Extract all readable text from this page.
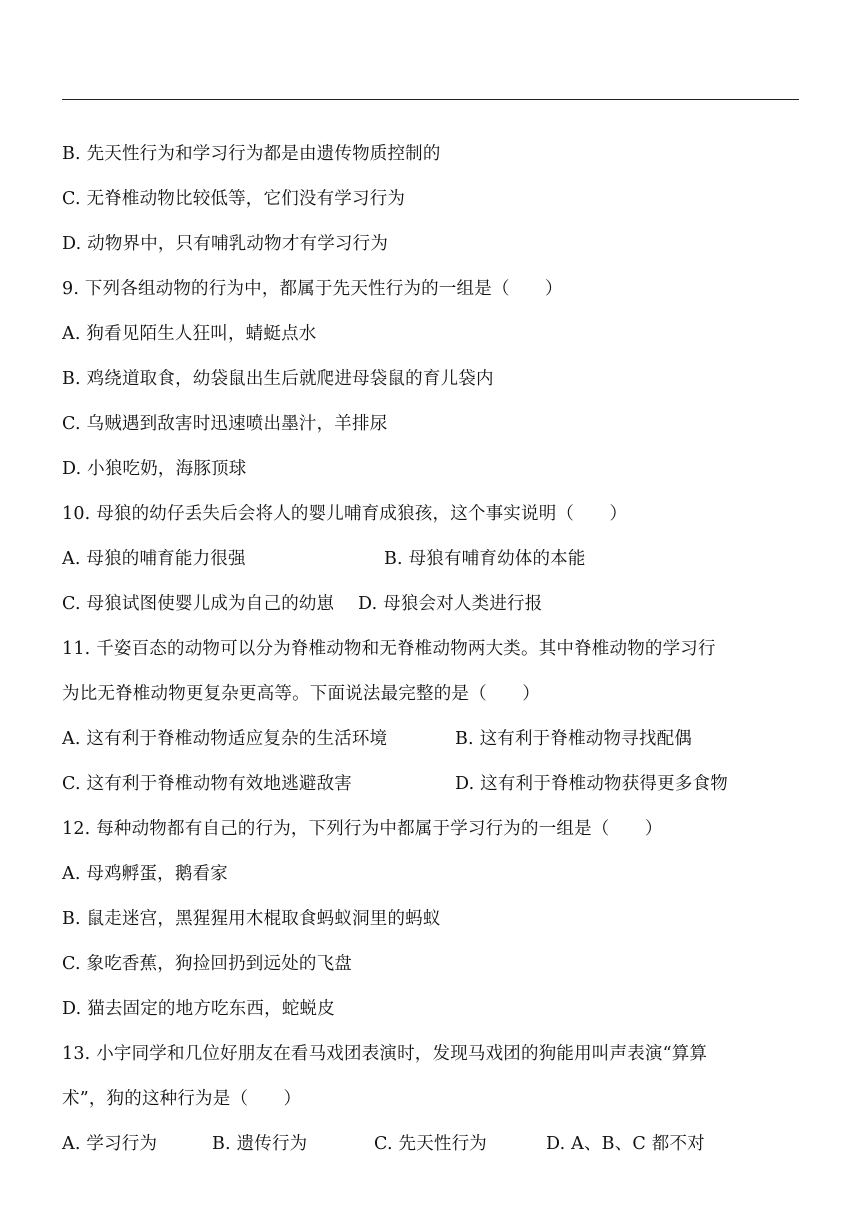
B. 先天性行为和学习行为都是由遗传物质控制的
C. 无脊椎动物比较低等，它们没有学习行为
D. 动物界中，只有哺乳动物才有学习行为
9. 下列各组动物的行为中，都属于先天性行为的一组是（　　）
A. 狗看见陌生人狂叫，蜻蜓点水
B. 鸡绕道取食，幼袋鼠出生后就爬进母袋鼠的育儿袋内
C. 乌贼遇到敌害时迅速喷出墨汁，羊排尿
D. 小狼吃奶，海豚顶球
10. 母狼的幼仔丢失后会将人的婴儿哺育成狼孩，这个事实说明（　　）
A. 母狼的哺育能力很强	B. 母狼有哺育幼体的本能
C. 母狼试图使婴儿成为自己的幼崽 D. 母狼会对人类进行报
11. 千姿百态的动物可以分为脊椎动物和无脊椎动物两大类。其中脊椎动物的学习行
为比无脊椎动物更复杂更高等。下面说法最完整的是（　　）
A. 这有利于脊椎动物适应复杂的生活环境	B. 这有利于脊椎动物寻找配偶
C. 这有利于脊椎动物有效地逃避敌害	D. 这有利于脊椎动物获得更多食物
12. 每种动物都有自己的行为，下列行为中都属于学习行为的一组是（　　）
A. 母鸡孵蛋，鹅看家
B. 鼠走迷宫，黑猩猩用木棍取食蚂蚁洞里的蚂蚁
C. 象吃香蕉，狗捡回扔到远处的飞盘
D. 猫去固定的地方吃东西，蛇蜕皮
13. 小宇同学和几位好朋友在看马戏团表演时，发现马戏团的狗能用叫声表演“算算
术”，狗的这种行为是（　　）
A. 学习行为	B. 遗传行为	C. 先天性行为	D. A、B、C 都不对
